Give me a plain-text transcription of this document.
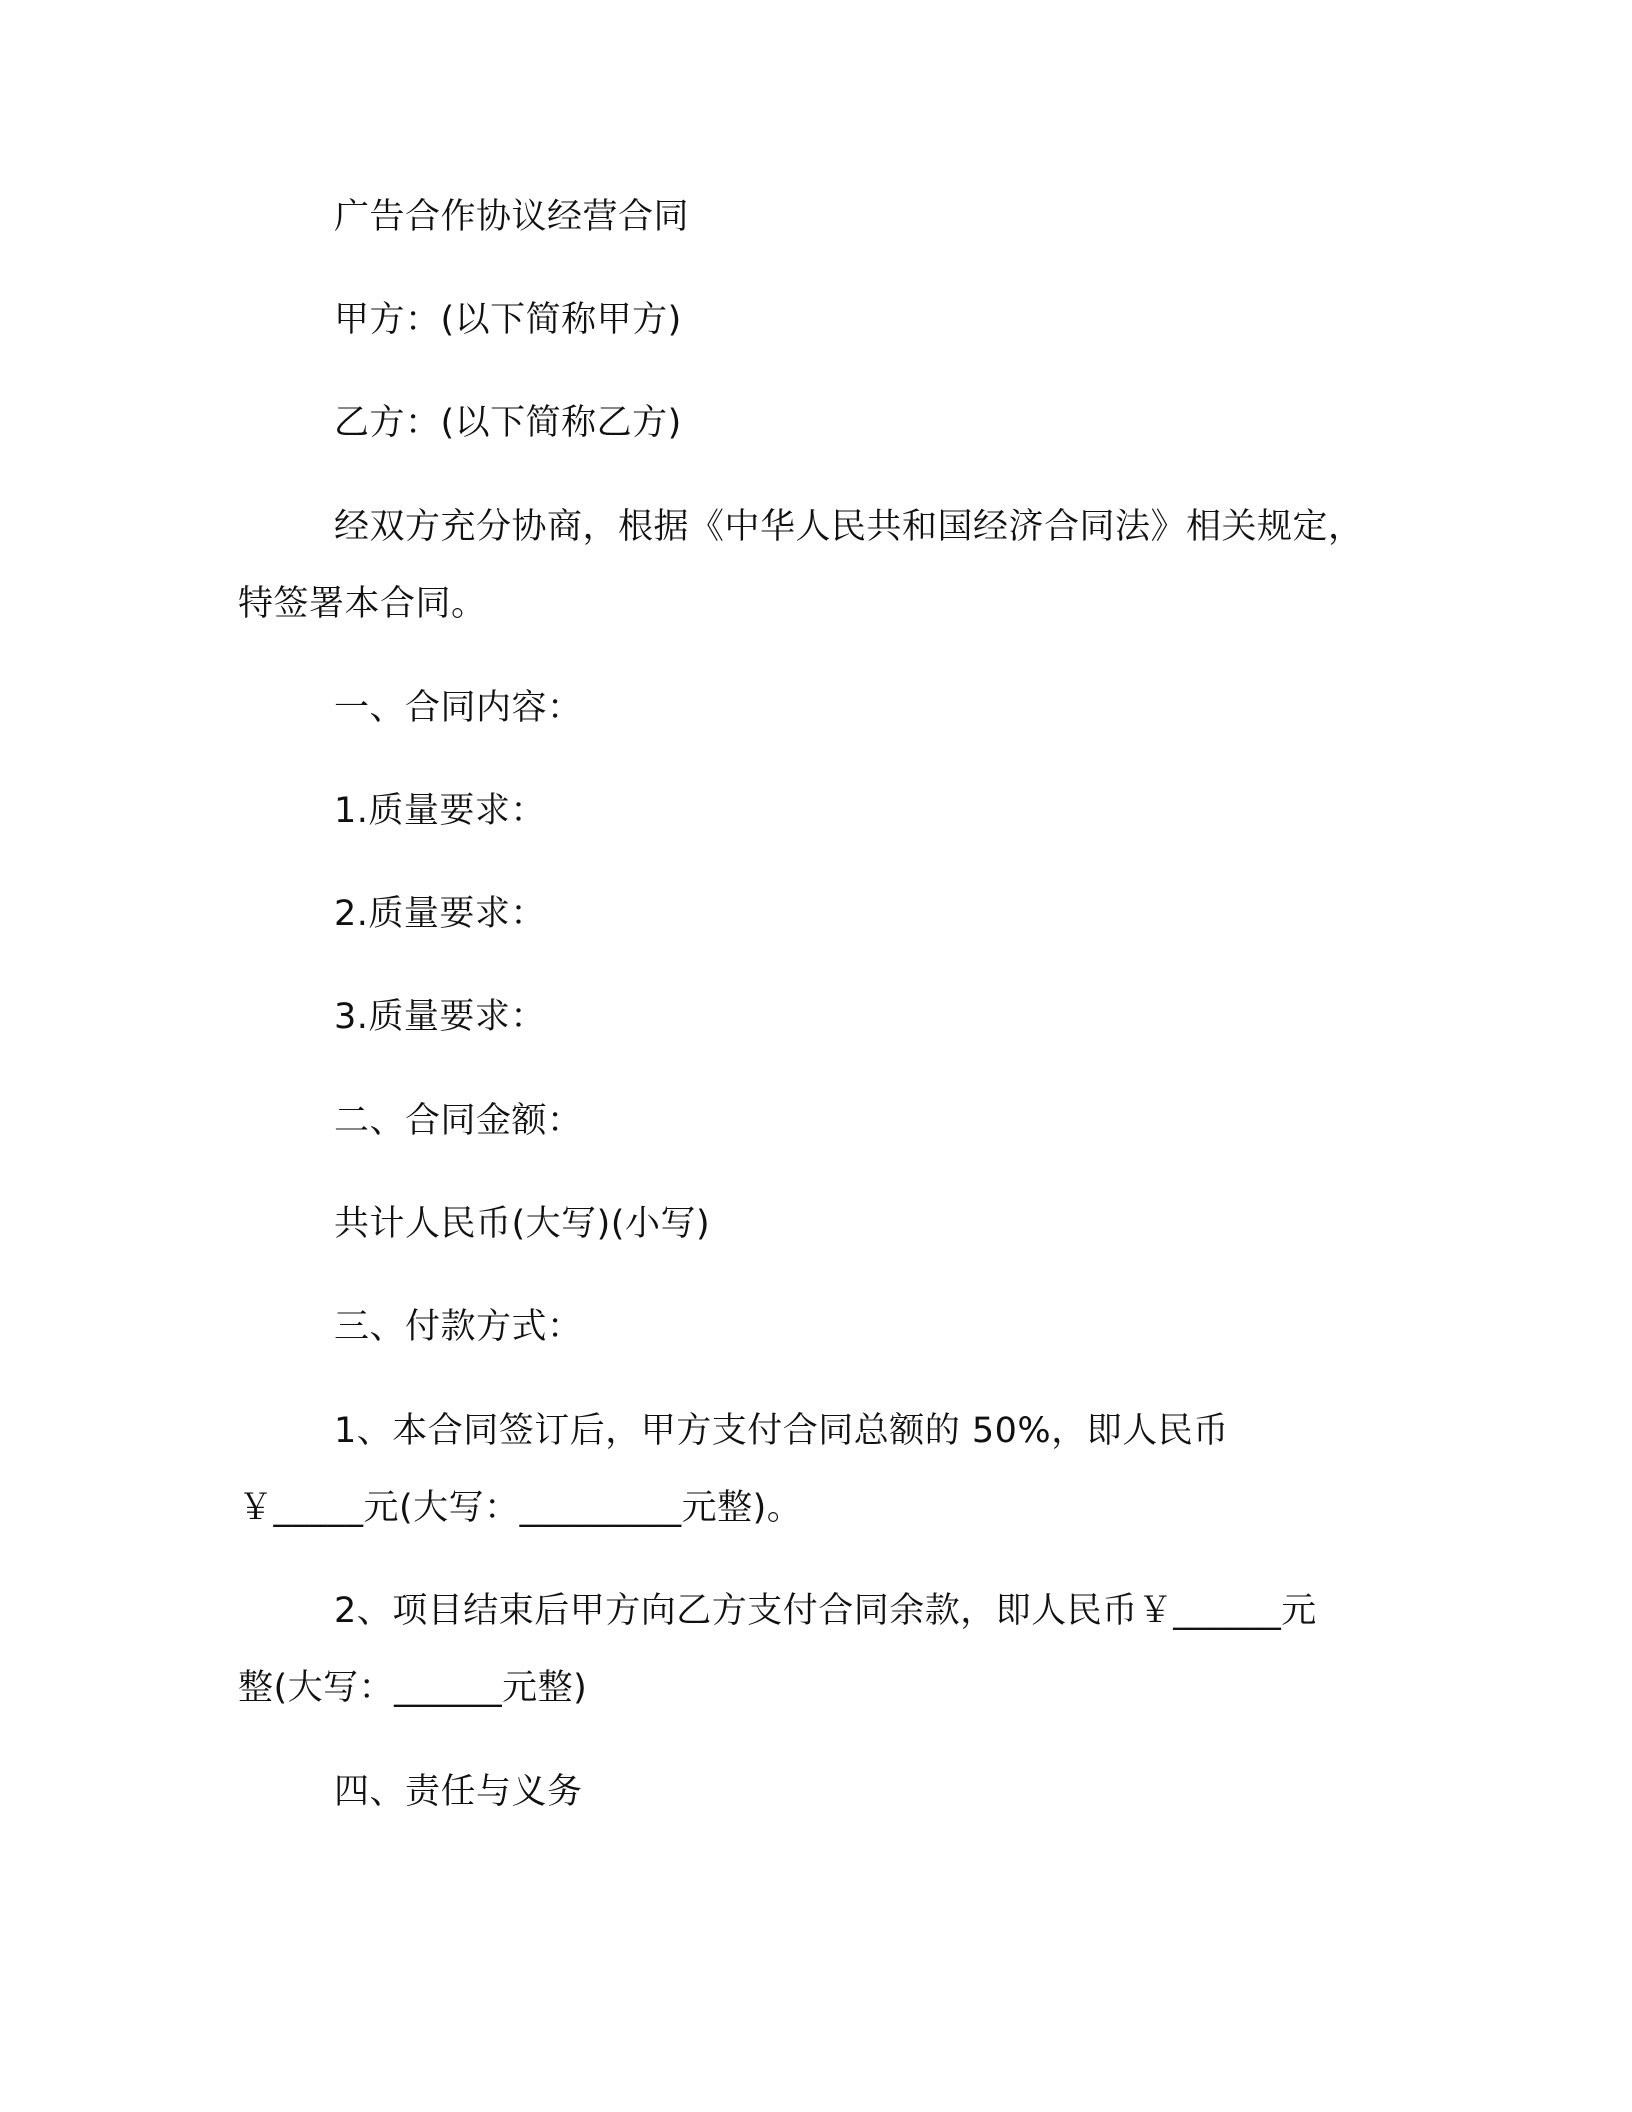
广告合作协议经营合同
甲方：(以下简称甲方)
乙方：(以下简称乙方)
经双方充分协商，根据《中华人民共和国经济合同法》相关规定，
特签署本合同。
一、合同内容：
1.质量要求：
2.质量要求：
3.质量要求：
二、合同金额：
共计人民币(大写)(小写)
三、付款方式：
1、本合同签订后，甲方支付合同总额的 50%，即人民币
￥_____元(大写：_________元整)。
2、项目结束后甲方向乙方支付合同余款，即人民币￥______元
整(大写：______元整)
四、责任与义务
